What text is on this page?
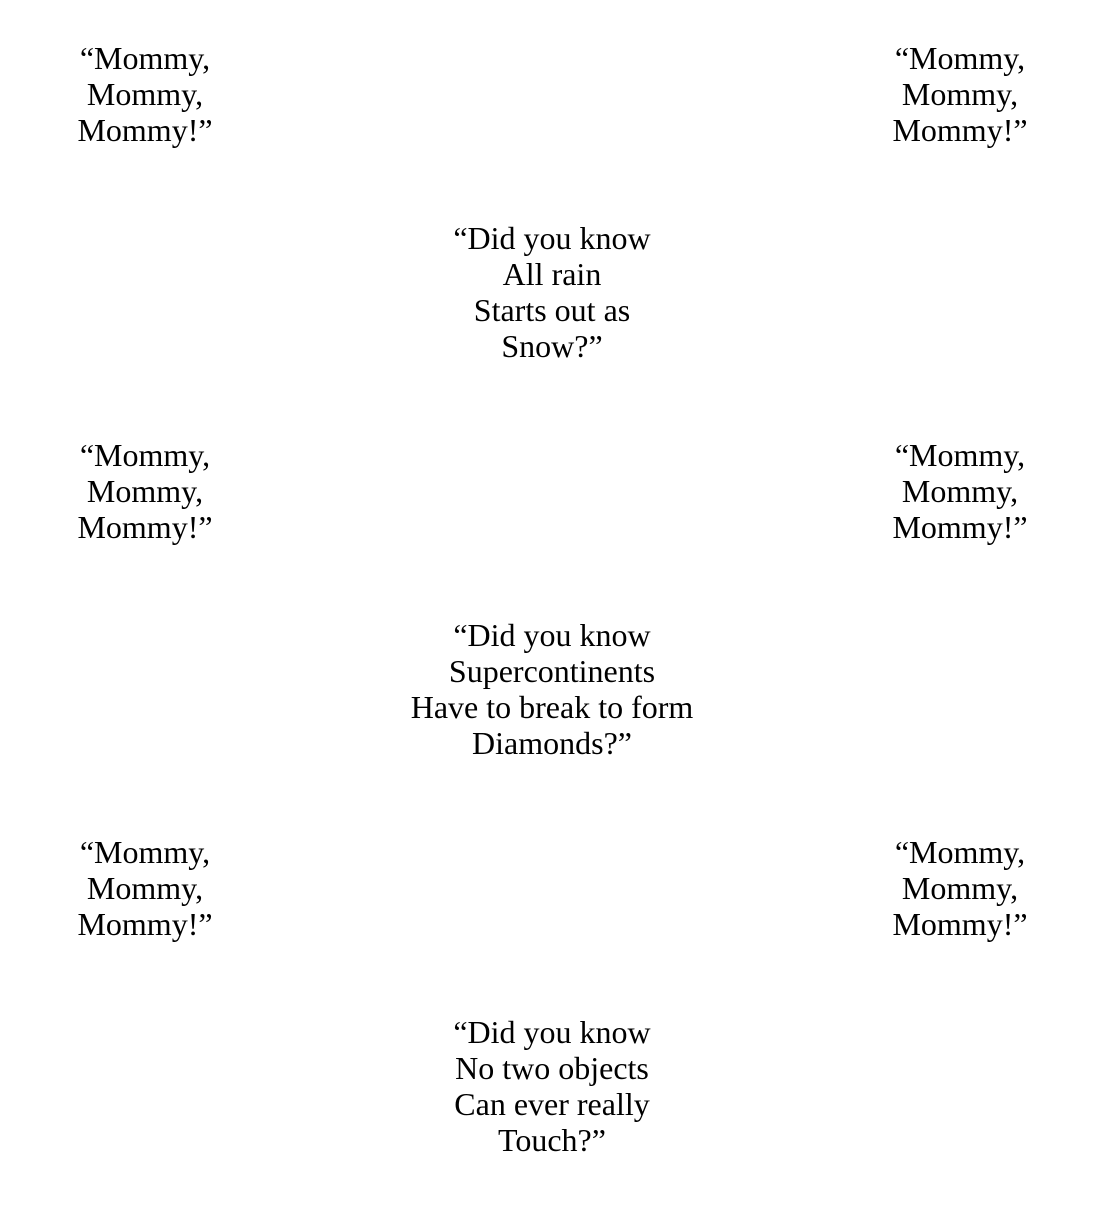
“Mommy,
Mommy,
Mommy!”
“Mommy,
Mommy,
Mommy!”
“Did you know
All rain
Starts out as
Snow?”
“Mommy,
Mommy,
Mommy!”
“Mommy,
Mommy,
Mommy!”
“Did you know
Supercontinents
Have to break to form
Diamonds?”
“Mommy,
Mommy,
Mommy!”
“Mommy,
Mommy,
Mommy!”
“Did you know
No two objects
Can ever really
Touch?”
